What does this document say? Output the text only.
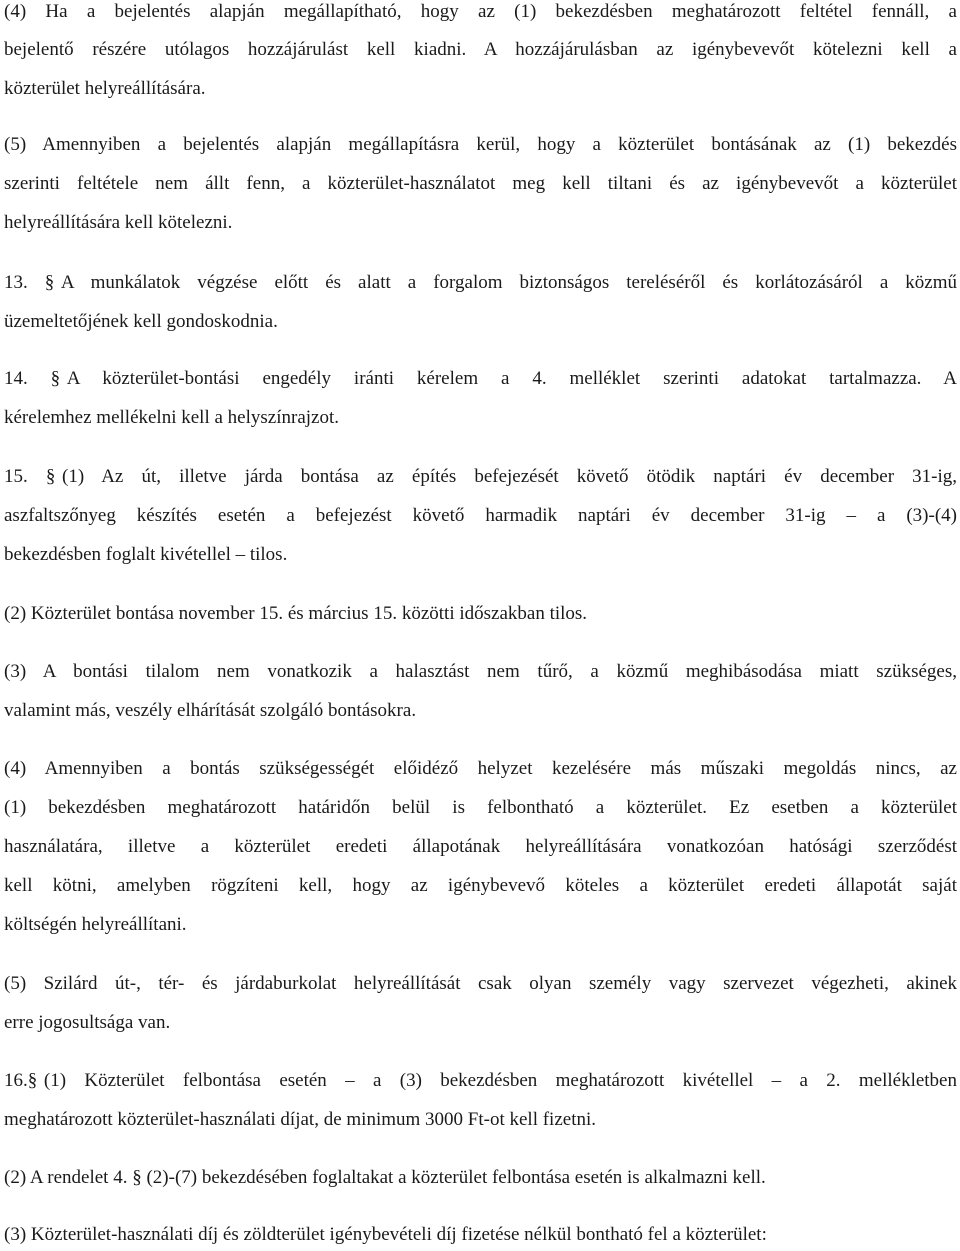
(4) Ha a bejelentés alapján megállapítható, hogy az (1) bekezdésben meghatározott feltétel fennáll, a
bejelentő részére utólagos hozzájárulást kell kiadni. A hozzájárulásban az igénybevevőt kötelezni kell a
közterület helyreállítására.
(5) Amennyiben a bejelentés alapján megállapításra kerül, hogy a közterület bontásának az (1) bekezdés
szerinti feltétele nem állt fenn, a közterület-használatot meg kell tiltani és az igénybevevőt a közterület
helyreállítására kell kötelezni.
13. § A munkálatok végzése előtt és alatt a forgalom biztonságos tereléséről és korlátozásáról a közmű
üzemeltetőjének kell gondoskodnia.
14. § A közterület-bontási engedély iránti kérelem a 4. melléklet szerinti adatokat tartalmazza. A
kérelemhez mellékelni kell a helyszínrajzot.
15. § (1) Az út, illetve járda bontása az építés befejezését követő ötödik naptári év december 31-ig,
aszfaltszőnyeg készítés esetén a befejezést követő harmadik naptári év december 31-ig – a (3)-(4)
bekezdésben foglalt kivétellel – tilos.
(2) Közterület bontása november 15. és március 15. közötti időszakban tilos.
(3) A bontási tilalom nem vonatkozik a halasztást nem tűrő, a közmű meghibásodása miatt szükséges,
valamint más, veszély elhárítását szolgáló bontásokra.
(4) Amennyiben a bontás szükségességét előidéző helyzet kezelésére más műszaki megoldás nincs, az
(1) bekezdésben meghatározott határidőn belül is felbontható a közterület. Ez esetben a közterület
használatára, illetve a közterület eredeti állapotának helyreállítására vonatkozóan hatósági szerződést
kell kötni, amelyben rögzíteni kell, hogy az igénybevevő köteles a közterület eredeti állapotát saját
költségén helyreállítani.
(5) Szilárd út-, tér- és járdaburkolat helyreállítását csak olyan személy vagy szervezet végezheti, akinek
erre jogosultsága van.
16.§ (1) Közterület felbontása esetén – a (3) bekezdésben meghatározott kivétellel – a 2. mellékletben
meghatározott közterület-használati díjat, de minimum 3000 Ft-ot kell fizetni.
(2) A rendelet 4. § (2)-(7) bekezdésében foglaltakat a közterület felbontása esetén is alkalmazni kell.
(3) Közterület-használati díj és zöldterület igénybevételi díj fizetése nélkül bontható fel a közterület:
